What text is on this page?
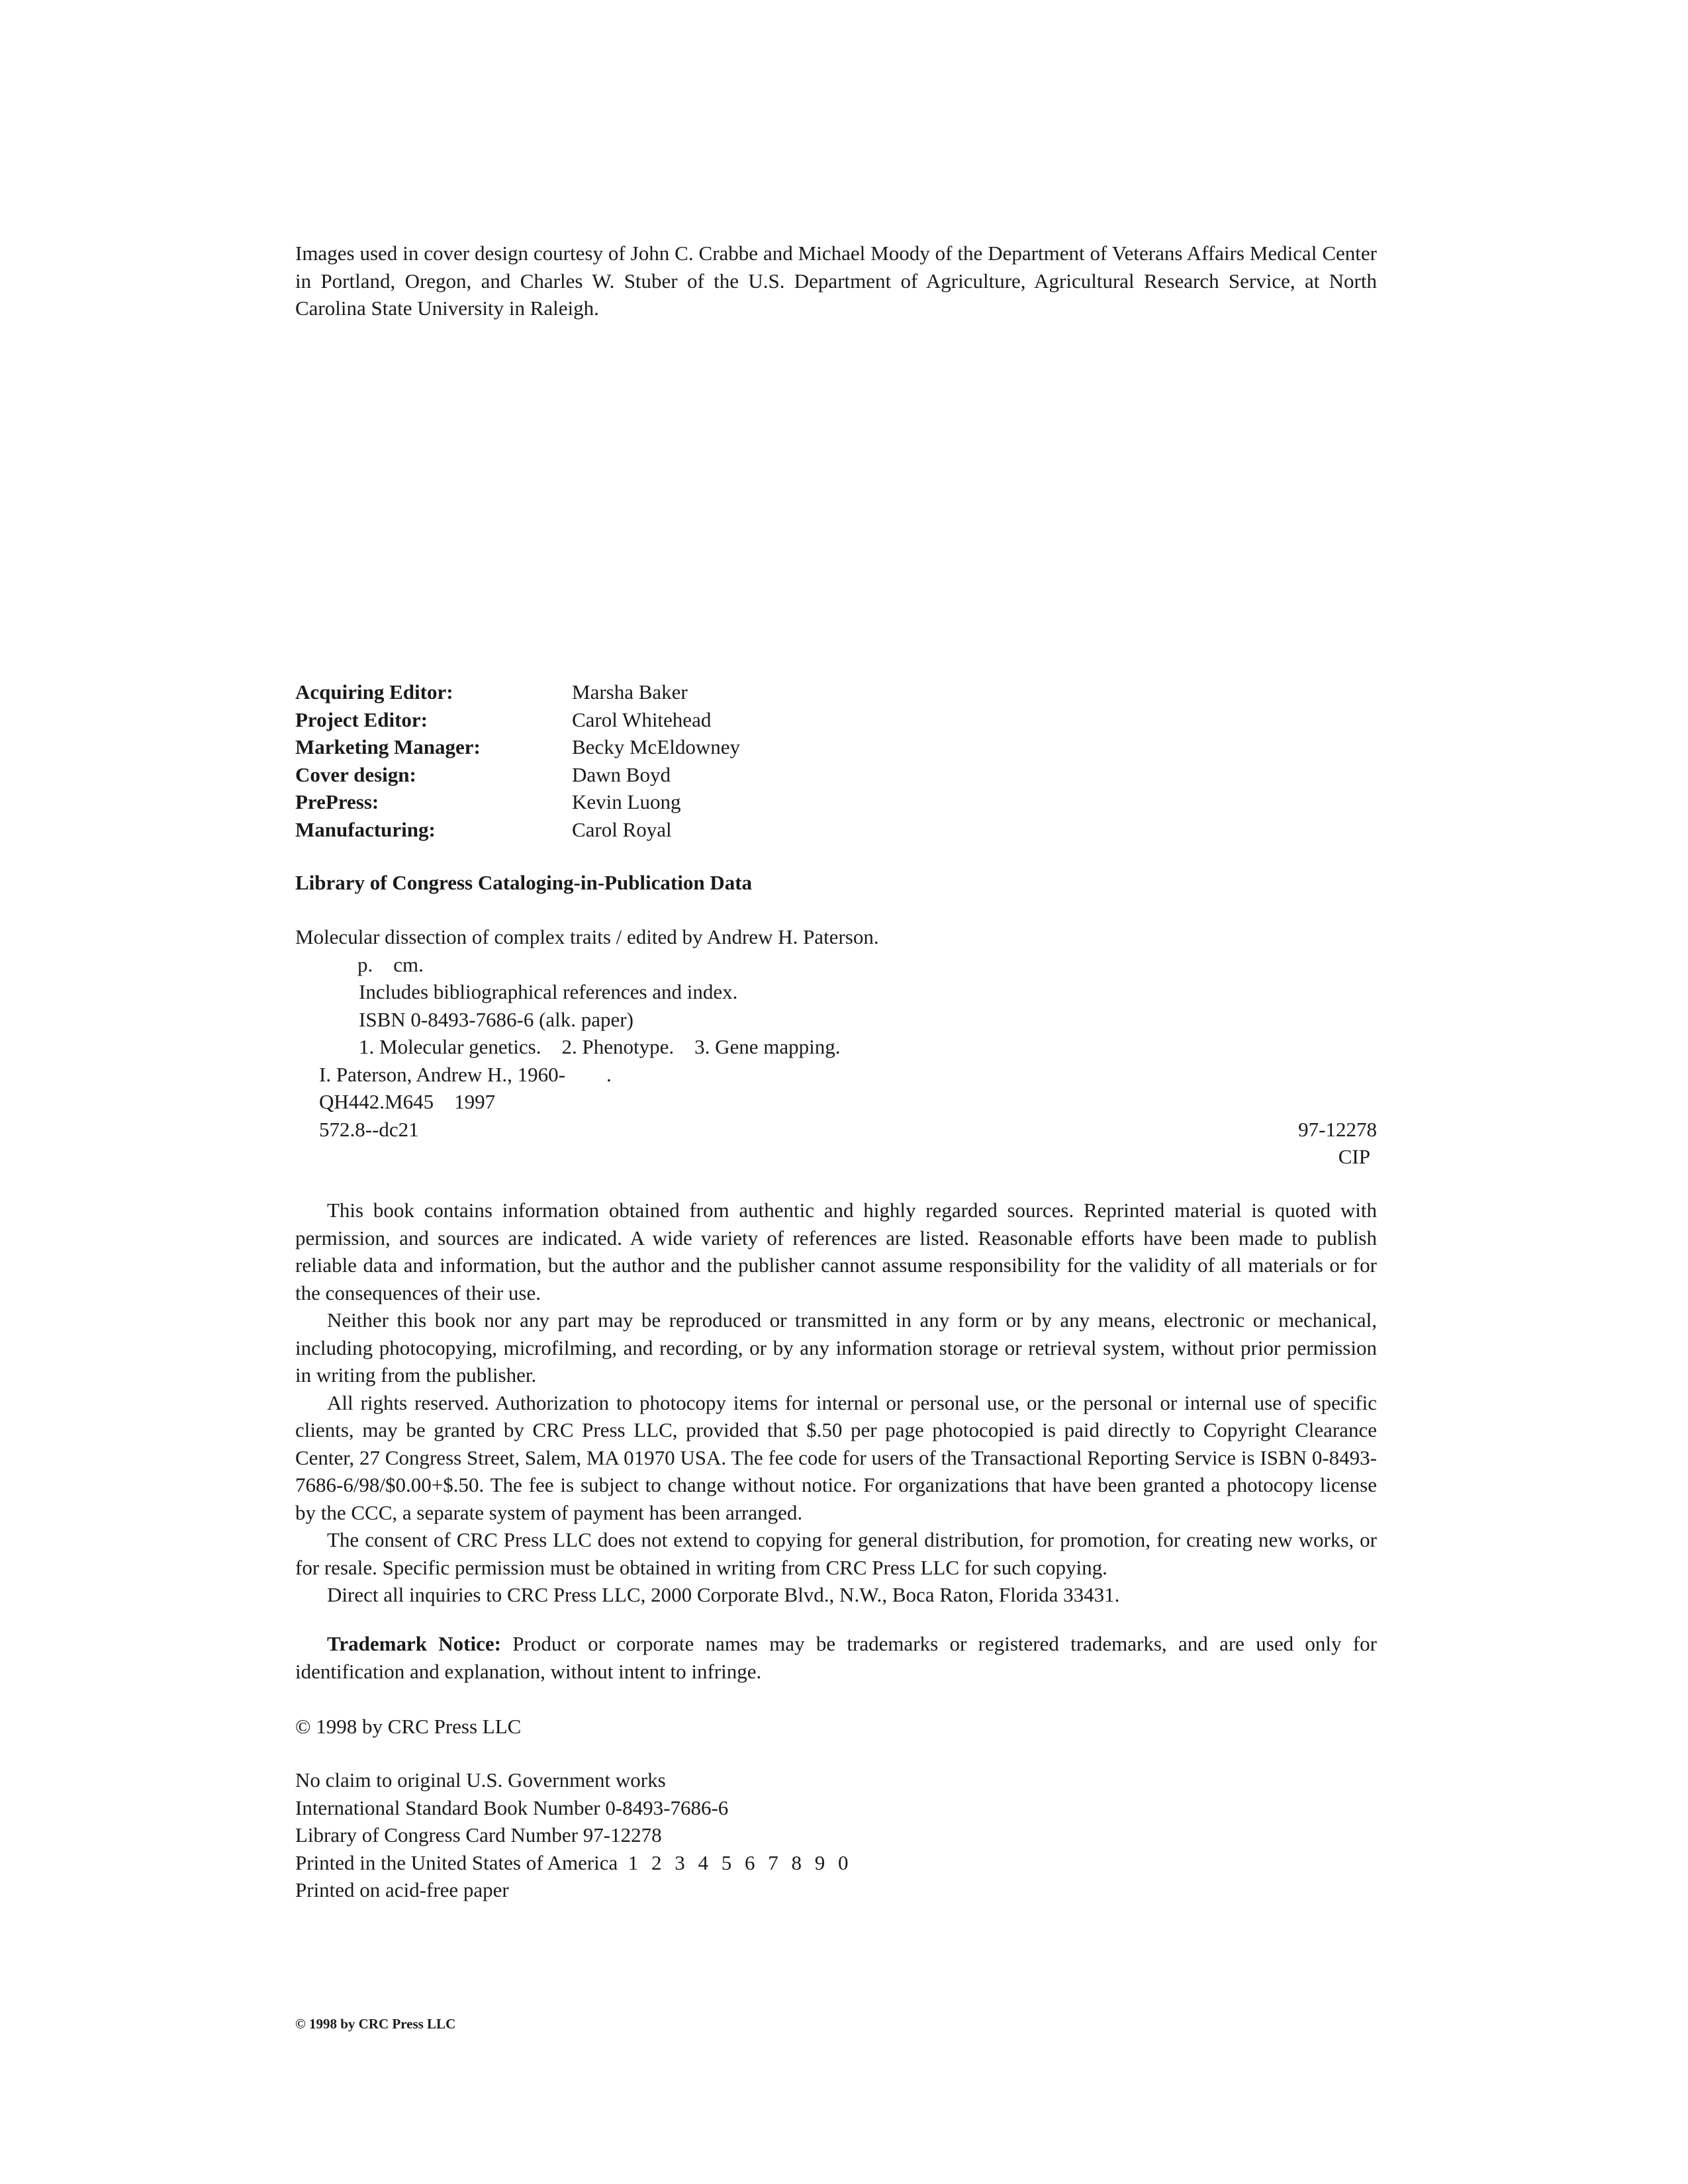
Images used in cover design courtesy of John C. Crabbe and Michael Moody of the Department of Veterans Affairs Medical Center in Portland, Oregon, and Charles W. Stuber of the U.S. Department of Agriculture, Agricultural Research Service, at North Carolina State University in Raleigh.
Acquiring Editor:	Marsha Baker
Project Editor:	Carol Whitehead
Marketing Manager:	Becky McEldowney
Cover design:	Dawn Boyd
PrePress:	Kevin Luong
Manufacturing:	Carol Royal
Library of Congress Cataloging-in-Publication Data
Molecular dissection of complex traits / edited by Andrew H. Paterson.
p.    cm.
Includes bibliographical references and index.
ISBN 0-8493-7686-6 (alk. paper)
1. Molecular genetics.    2. Phenotype.    3. Gene mapping.
I. Paterson, Andrew H., 1960-        .
QH442.M645    1997
572.8--dc21	97-12278
CIP

This book contains information obtained from authentic and highly regarded sources. Reprinted material is quoted with permission, and sources are indicated. A wide variety of references are listed. Reasonable efforts have been made to publish reliable data and information, but the author and the publisher cannot assume responsibility for the validity of all materials or for the consequences of their use.

Neither this book nor any part may be reproduced or transmitted in any form or by any means, electronic or mechanical, including photocopying, microfilming, and recording, or by any information storage or retrieval system, without prior permission in writing from the publisher.

All rights reserved. Authorization to photocopy items for internal or personal use, or the personal or internal use of specific clients, may be granted by CRC Press LLC, provided that $.50 per page photocopied is paid directly to Copyright Clearance Center, 27 Congress Street, Salem, MA 01970 USA. The fee code for users of the Transactional Reporting Service is ISBN 0-8493-7686-6/98/$0.00+$.50. The fee is subject to change without notice. For organizations that have been granted a photocopy license by the CCC, a separate system of payment has been arranged.

The consent of CRC Press LLC does not extend to copying for general distribution, for promotion, for creating new works, or for resale. Specific permission must be obtained in writing from CRC Press LLC for such copying.

Direct all inquiries to CRC Press LLC, 2000 Corporate Blvd., N.W., Boca Raton, Florida 33431.

Trademark Notice: Product or corporate names may be trademarks or registered trademarks, and are used only for identification and explanation, without intent to infringe.

© 1998 by CRC Press LLC
No claim to original U.S. Government works
International Standard Book Number 0-8493-7686-6
Library of Congress Card Number 97-12278
Printed in the United States of America 1 2 3 4 5 6 7 8 9 0
Printed on acid-free paper
© 1998 by CRC Press LLC
